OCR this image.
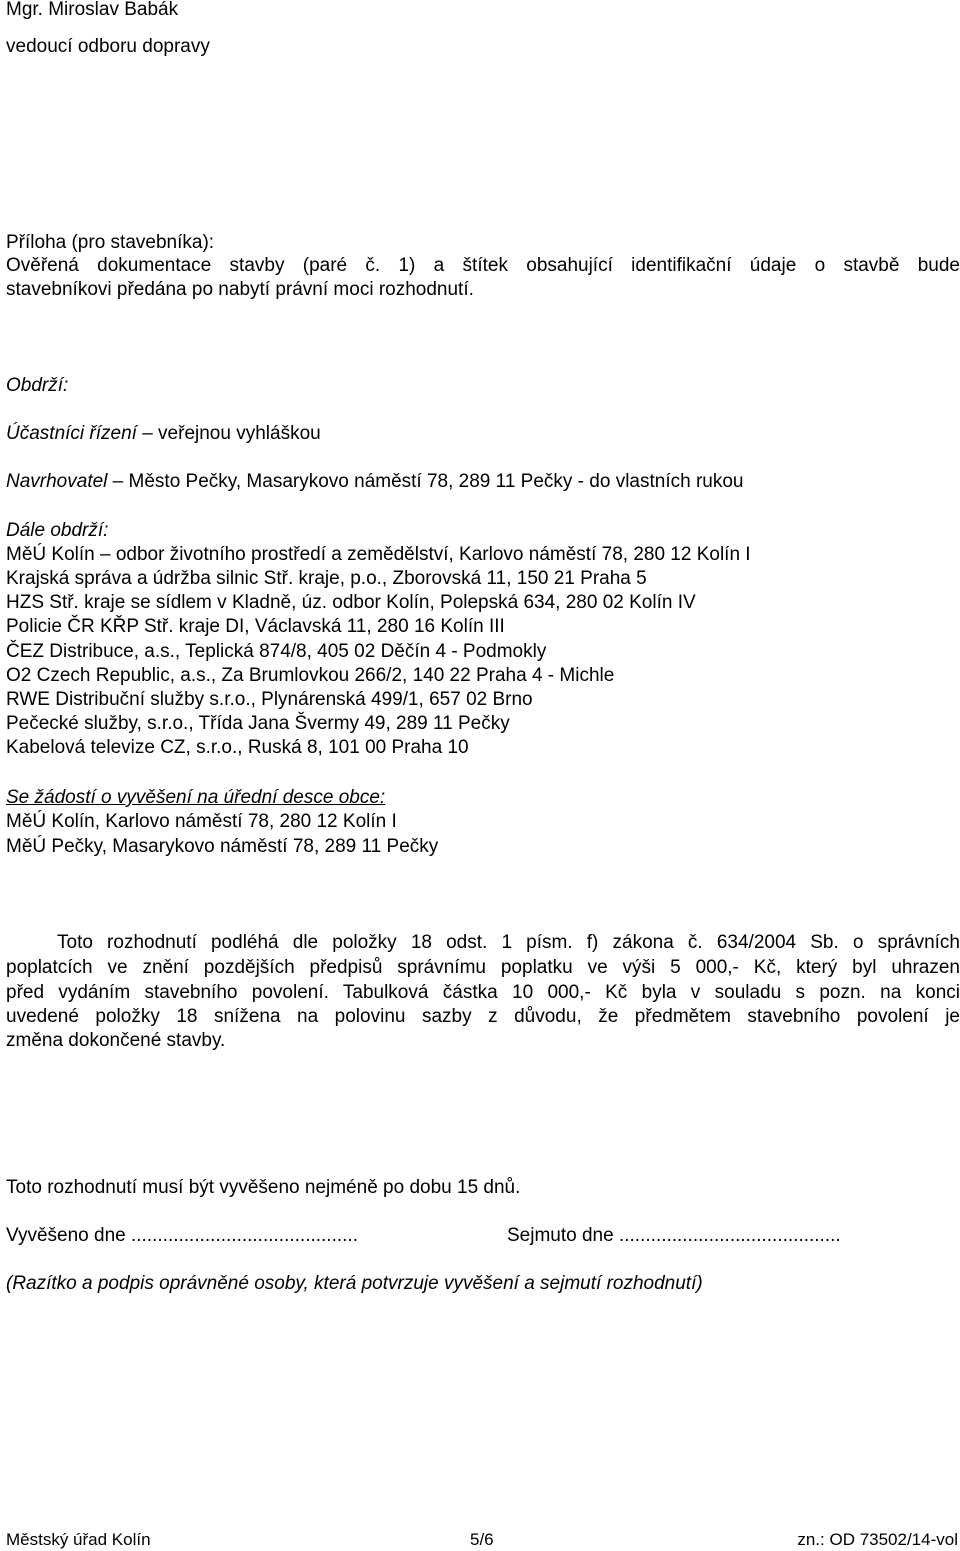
Mgr. Miroslav Babák
vedoucí odboru dopravy
Příloha (pro stavebníka):
Ověřená dokumentace stavby (paré č. 1) a štítek obsahující identifikační údaje o stavbě bude
stavebníkovi předána po nabytí právní moci rozhodnutí.
Obdrží:
Účastníci řízení – veřejnou vyhláškou
Navrhovatel – Město Pečky, Masarykovo náměstí 78, 289 11 Pečky - do vlastních rukou
Dále obdrží:
MěÚ Kolín – odbor životního prostředí a zemědělství, Karlovo náměstí 78, 280 12 Kolín I
Krajská správa a údržba silnic Stř. kraje, p.o., Zborovská 11, 150 21 Praha 5
HZS Stř. kraje se sídlem v Kladně, úz. odbor Kolín, Polepská 634, 280 02 Kolín IV
Policie ČR KŘP Stř. kraje DI, Václavská 11, 280 16 Kolín III
ČEZ Distribuce, a.s., Teplická 874/8, 405 02 Děčín 4 - Podmokly
O2 Czech Republic, a.s., Za Brumlovkou 266/2, 140 22 Praha 4 - Michle
RWE Distribuční služby s.r.o., Plynárenská 499/1, 657 02 Brno
Pečecké služby, s.r.o., Třída Jana Švermy 49, 289 11 Pečky
Kabelová televize CZ, s.r.o., Ruská 8, 101 00 Praha 10
Se žádostí o vyvěšení na úřední desce obce:
MěÚ Kolín, Karlovo náměstí 78, 280 12 Kolín I
MěÚ Pečky, Masarykovo náměstí 78, 289 11 Pečky
Toto rozhodnutí podléhá dle položky 18 odst. 1 písm. f) zákona č. 634/2004 Sb. o správních
poplatcích ve znění pozdějších předpisů správnímu poplatku ve výši 5 000,- Kč, který byl uhrazen
před vydáním stavebního povolení. Tabulková částka 10 000,- Kč byla v souladu s pozn. na konci
uvedené položky 18 snížena na polovinu sazby z důvodu, že předmětem stavebního povolení je
změna dokončené stavby.
Toto rozhodnutí musí být vyvěšeno nejméně po dobu 15 dnů.
Vyvěšeno dne ...........................................	Sejmuto dne ..........................................
(Razítko a podpis oprávněné osoby, která potvrzuje vyvěšení a sejmutí rozhodnutí)
Městský úřad Kolín	5/6	zn.: OD 73502/14-vol
